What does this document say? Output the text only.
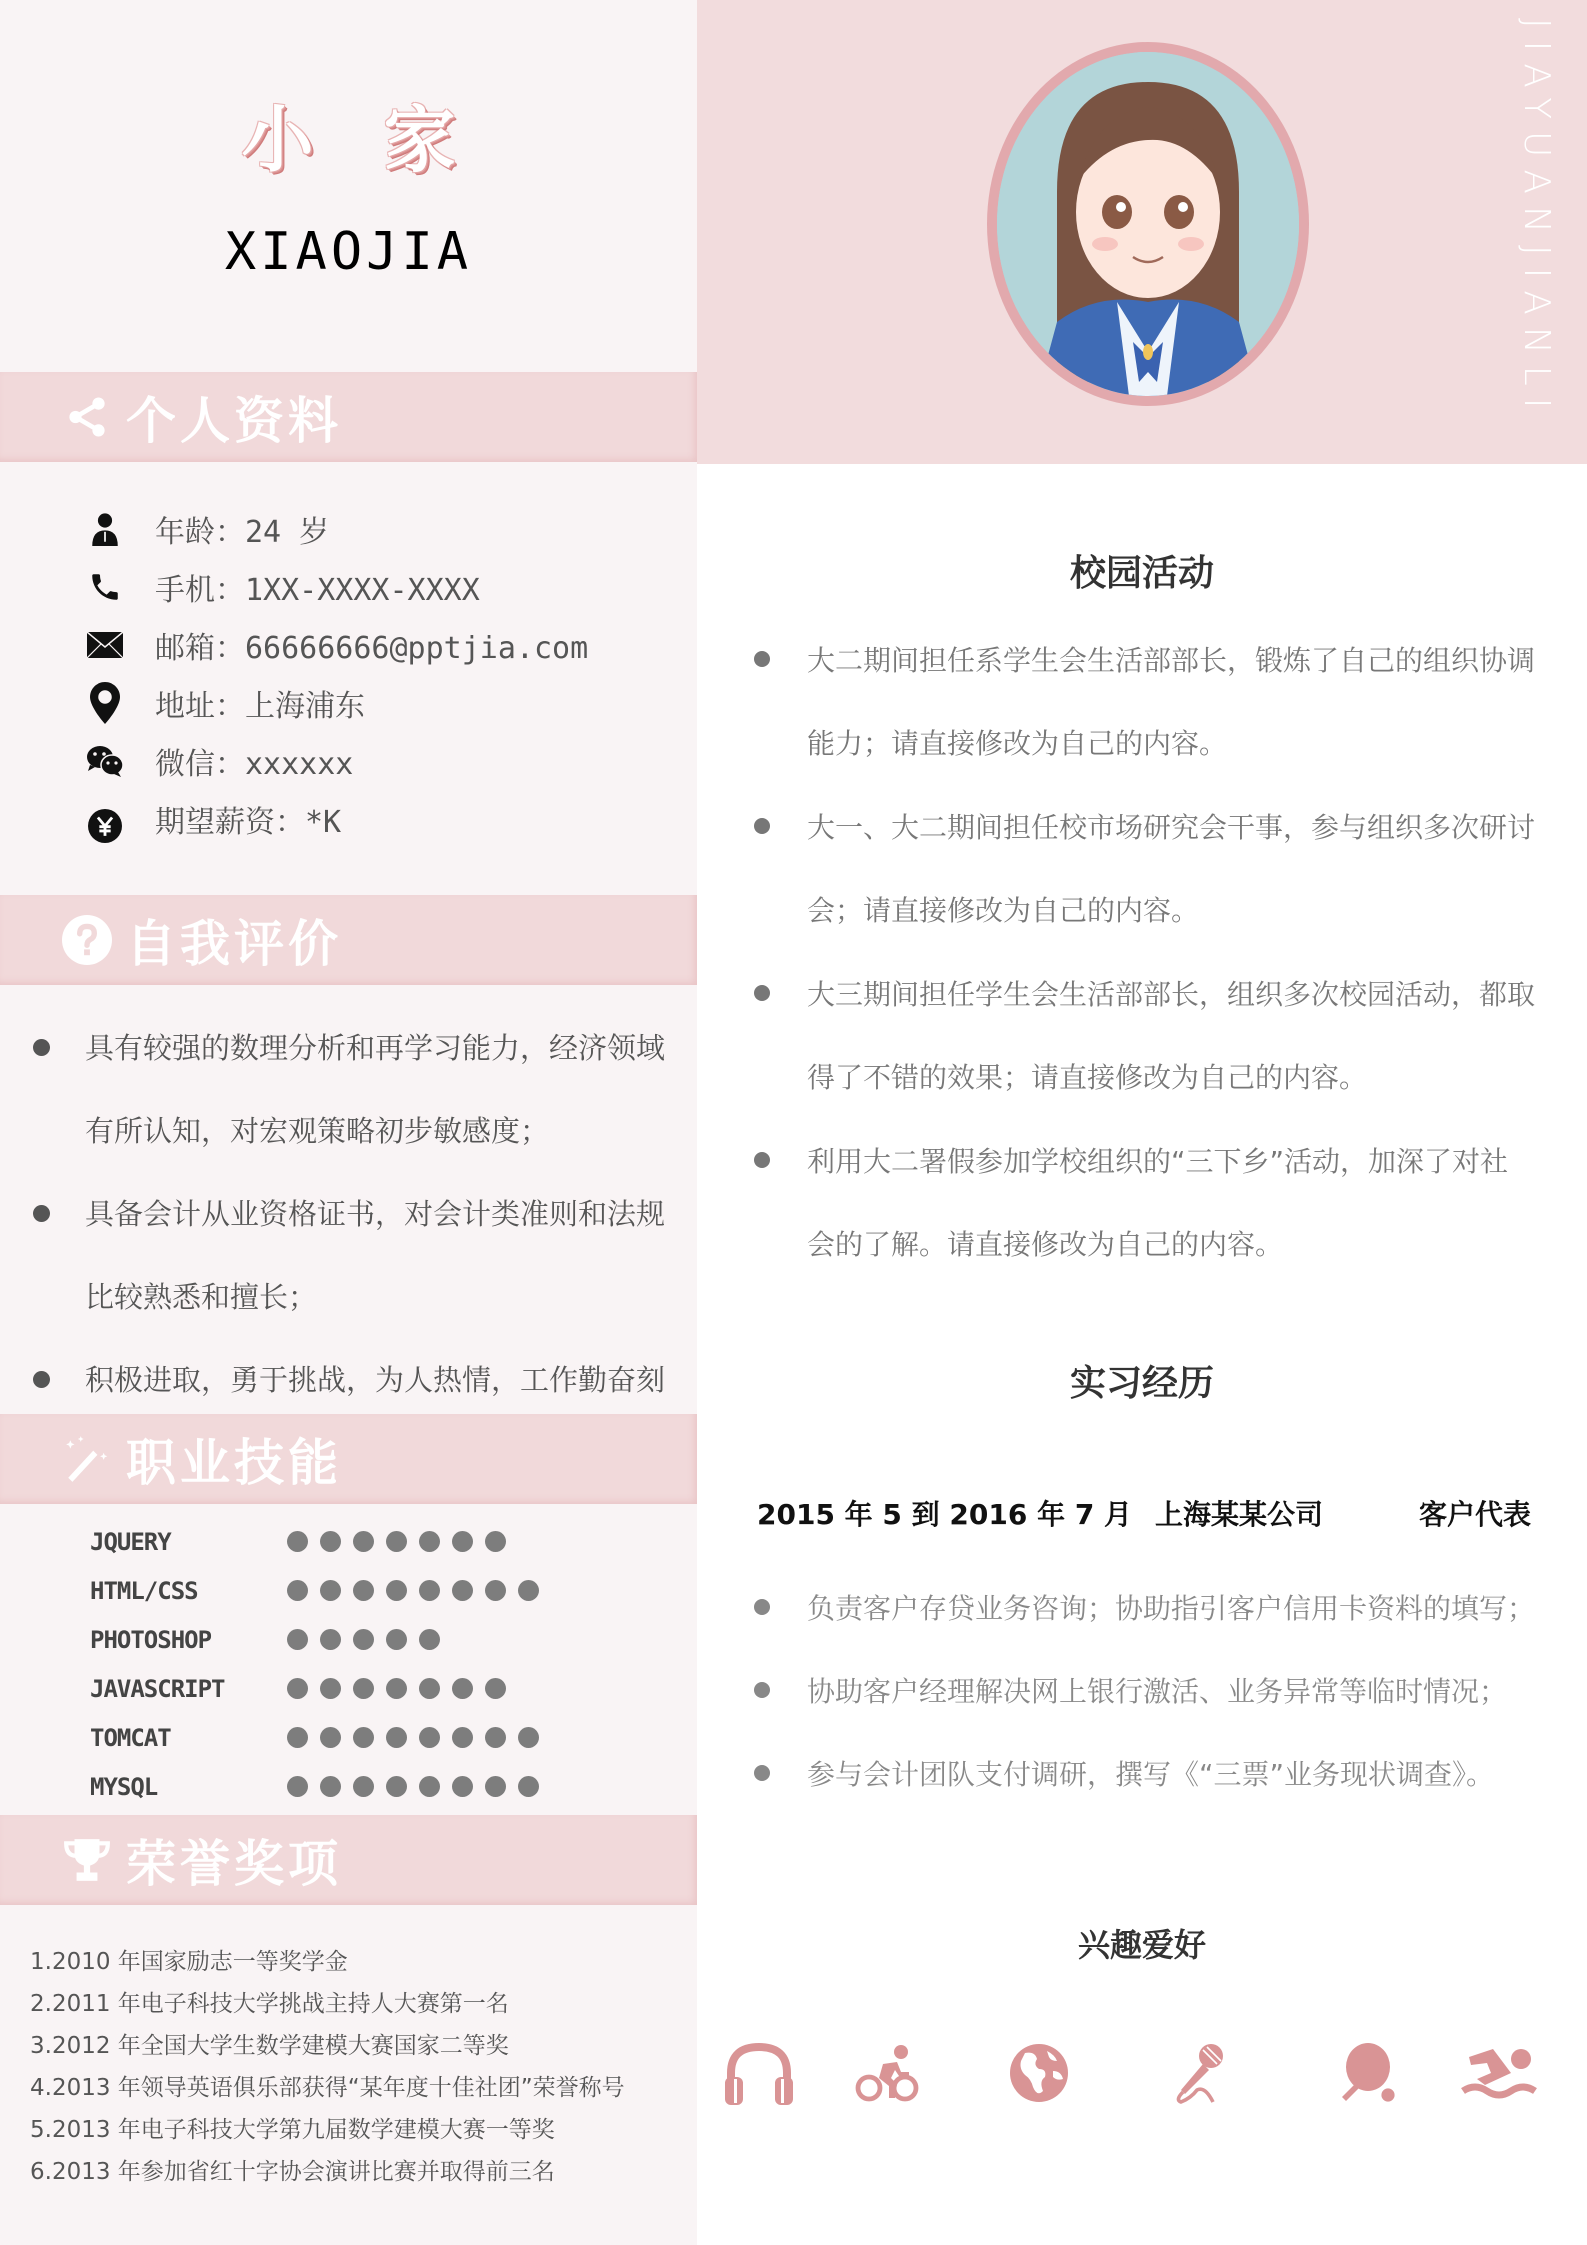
小家
XIAOJIA
个人资料
年龄：24 岁
手机：1XX-XXXX-XXXX
邮箱：66666666@pptjia.com
地址：上海浦东
微信：xxxxxx
期望薪资：*K
自我评价
具有较强的数理分析和再学习能力，经济领域
有所认知，对宏观策略初步敏感度；
具备会计从业资格证书，对会计类准则和法规
比较熟悉和擅长；
积极进取，勇于挑战，为人热情，工作勤奋刻
职业技能
JQUERY
HTML/CSS
PHOTOSHOP
JAVASCRIPT
TOMCAT
MYSQL
荣誉奖项
1.2010 年国家励志一等奖学金
2.2011 年电子科技大学挑战主持人大赛第一名
3.2012 年全国大学生数学建模大赛国家二等奖
4.2013 年领导英语俱乐部获得“某年度十佳社团”荣誉称号
5.2013 年电子科技大学第九届数学建模大赛一等奖
6.2013 年参加省红十字协会演讲比赛并取得前三名
JIAYUANJIANLI
校园活动
大二期间担任系学生会生活部部长，锻炼了自己的组织协调
能力；请直接修改为自己的内容。
大一、大二期间担任校市场研究会干事，参与组织多次研讨
会；请直接修改为自己的内容。
大三期间担任学生会生活部部长，组织多次校园活动，都取
得了不错的效果；请直接修改为自己的内容。
利用大二署假参加学校组织的“三下乡”活动，加深了对社
会的了解。请直接修改为自己的内容。
实习经历
2015 年 5 到 2016 年 7 月 上海某某公司	客户代表
负责客户存贷业务咨询；协助指引客户信用卡资料的填写；
协助客户经理解决网上银行激活、业务异常等临时情况；
参与会计团队支付调研，撰写《“三票”业务现状调查》。
兴趣爱好
